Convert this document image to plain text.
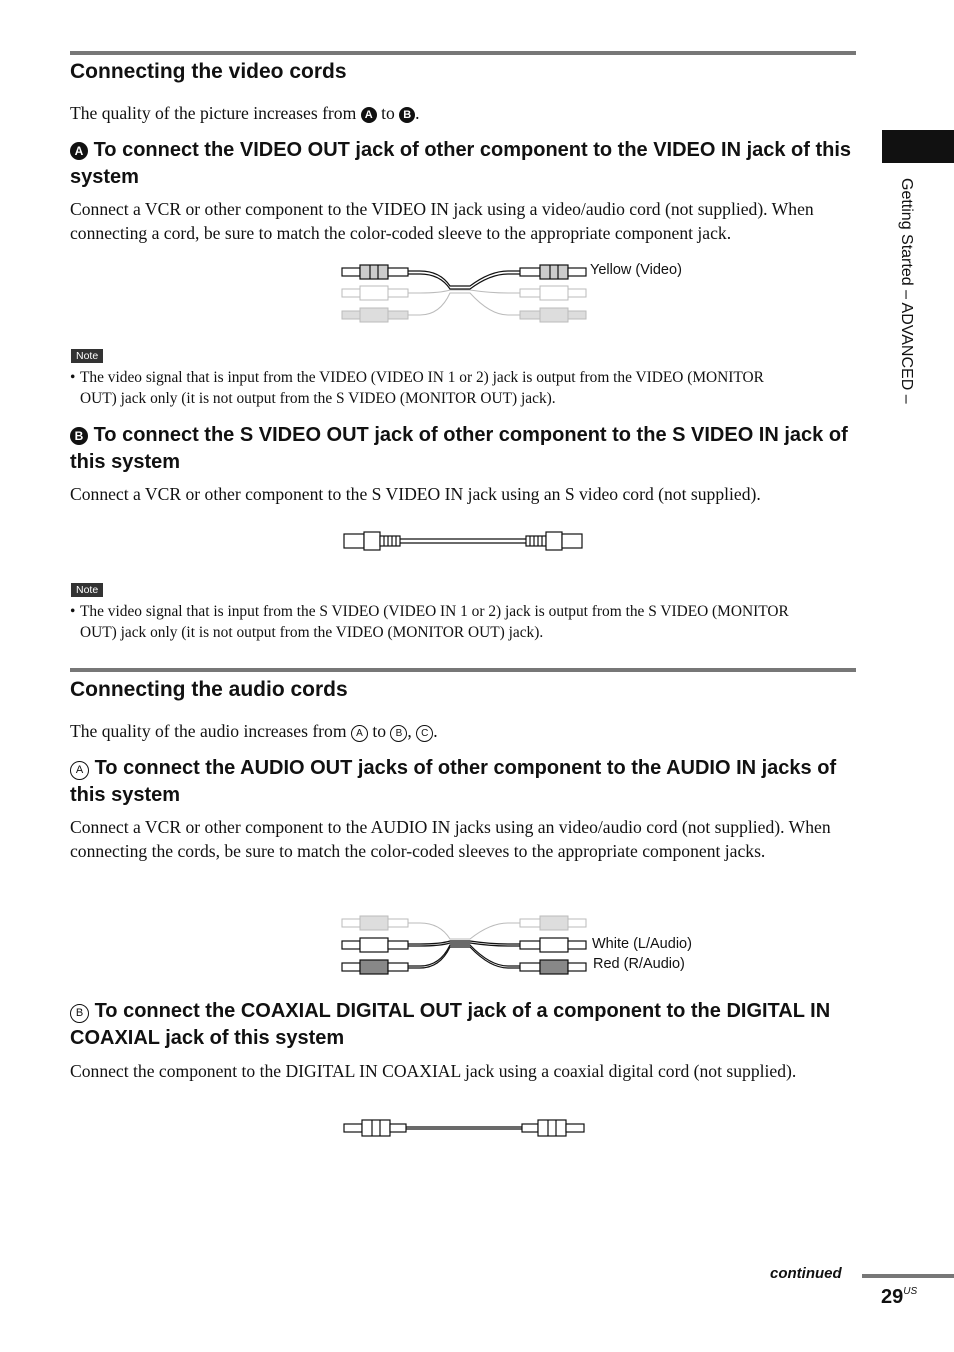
Getting Started – ADVANCED –
Connecting the video cords
The quality of the picture increases from A to B .
A To connect the VIDEO OUT jack of other component to the VIDEO IN jack of this system
Connect a VCR or other component to the VIDEO IN jack using a video/audio cord (not supplied). When connecting a cord, be sure to match the color-coded sleeve to the appropriate component jack.
Yellow (Video)
Note
• The video signal that is input from the VIDEO (VIDEO IN 1 or 2) jack is output from the VIDEO (MONITOR
OUT) jack only (it is not output from the S VIDEO (MONITOR OUT) jack).
B To connect the S VIDEO OUT jack of other component to the S VIDEO IN jack of this system
Connect a VCR or other component to the S VIDEO IN jack using an S video cord (not supplied).
Note
• The video signal that is input from the S VIDEO (VIDEO IN 1 or 2) jack is output from the S VIDEO (MONITOR
OUT) jack only (it is not output from the VIDEO (MONITOR OUT) jack).
Connecting the audio cords
The quality of the audio increases from A to B , C .
A To connect the AUDIO OUT jacks of other component to the AUDIO IN jacks of this system
Connect a VCR or other component to the AUDIO IN jacks using an video/audio cord (not supplied). When connecting the cords, be sure to match the color-coded sleeves to the appropriate component jacks.
White (L/Audio)
Red (R/Audio)
B To connect the COAXIAL DIGITAL OUT jack of a component to the DIGITAL IN COAXIAL jack of this system
Connect the component to the DIGITAL IN COAXIAL jack using a coaxial digital cord (not supplied).
continued
$29^{US}$
